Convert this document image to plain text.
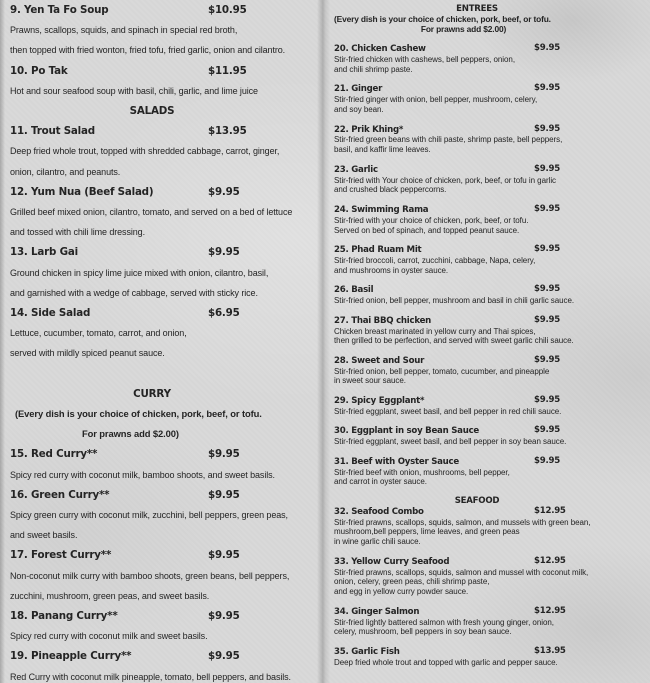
9. Yen Ta Fo Soup	$10.95
Prawns, scallops, squids, and spinach in special red broth,
then topped with fried wonton, fried tofu, fried garlic, onion and cilantro.
10. Po Tak	$11.95
Hot and sour seafood soup with basil, chili, garlic, and lime juice
SALADS
11. Trout Salad	$13.95
Deep fried whole trout, topped with shredded cabbage, carrot, ginger,
onion, cilantro, and peanuts.
12. Yum Nua (Beef Salad)	$9.95
Grilled beef mixed onion, cilantro, tomato, and served on a bed of lettuce
and tossed with chili lime dressing.
13. Larb Gai	$9.95
Ground chicken in spicy lime juice mixed with onion, cilantro, basil,
and garnished with a wedge of cabbage, served with sticky rice.
14. Side Salad	$6.95
Lettuce, cucumber, tomato, carrot, and onion,
served with mildly spiced peanut sauce.
CURRY
(Every dish is your choice of chicken, pork, beef, or tofu.
For prawns add $2.00)
15. Red Curry**	$9.95
Spicy red curry with coconut milk, bamboo shoots, and sweet basils.
16. Green Curry**	$9.95
Spicy green curry with coconut milk, zucchini, bell peppers, green peas,
and sweet basils.
17. Forest Curry**	$9.95
Non-coconut milk curry with bamboo shoots, green beans, bell peppers,
zucchini, mushroom, green peas, and sweet basils.
18. Panang Curry**	$9.95
Spicy red curry with coconut milk and sweet basils.
19. Pineapple Curry**	$9.95
Red Curry with coconut milk pineapple, tomato, bell peppers, and basils.
ENTREES
(Every dish is your choice of chicken, pork, beef, or tofu.
For prawns add $2.00)
20. Chicken Cashew	$9.95
Stir-fried chicken with cashews, bell peppers, onion,
and chili shrimp paste.
21. Ginger	$9.95
Stir-fried ginger with onion, bell pepper, mushroom, celery,
and soy bean.
22. Prik Khing*	$9.95
Stir-fried green beans with chili paste, shrimp paste, bell peppers,
basil, and kaffir lime leaves.
23. Garlic	$9.95
Stir-fried with Your choice of chicken, pork, beef, or tofu in garlic
and crushed black peppercorns.
24. Swimming Rama	$9.95
Stir-fried with your choice of chicken, pork, beef, or tofu.
Served on bed of spinach, and topped peanut sauce.
25. Phad Ruam Mit	$9.95
Stir-fried broccoli, carrot, zucchini, cabbage, Napa, celery,
and mushrooms in oyster sauce.
26. Basil	$9.95
Stir-fried onion, bell pepper, mushroom and basil in chili garlic sauce.
27. Thai BBQ chicken	$9.95
Chicken breast marinated in yellow curry and Thai spices,
then grilled to be perfection, and served with sweet garlic chili sauce.
28. Sweet and Sour	$9.95
Stir-fried onion, bell pepper, tomato, cucumber, and pineapple
in sweet sour sauce.
29. Spicy Eggplant*	$9.95
Stir-fried eggplant, sweet basil, and bell pepper in red chili sauce.
30. Eggplant in soy Bean Sauce	$9.95
Stir-fried eggplant, sweet basil, and bell pepper in soy bean sauce.
31. Beef with Oyster Sauce	$9.95
Stir-fried beef with onion, mushrooms, bell pepper,
and carrot in oyster sauce.
SEAFOOD
32. Seafood Combo	$12.95
Stir-fried prawns, scallops, squids, salmon, and mussels with green bean,
mushroom,bell peppers, lime leaves, and green peas
in wine garlic chili sauce.
33. Yellow Curry Seafood	$12.95
Stir-fried prawns, scallops, squids, salmon and mussel with coconut milk,
onion, celery, green peas, chili shrimp paste,
and egg in yellow curry powder sauce.
34. Ginger Salmon	$12.95
Stir-fried lightly battered salmon with fresh young ginger, onion,
celery, mushroom, bell peppers in soy bean sauce.
35. Garlic Fish	$13.95
Deep fried whole trout and topped with garlic and pepper sauce.
